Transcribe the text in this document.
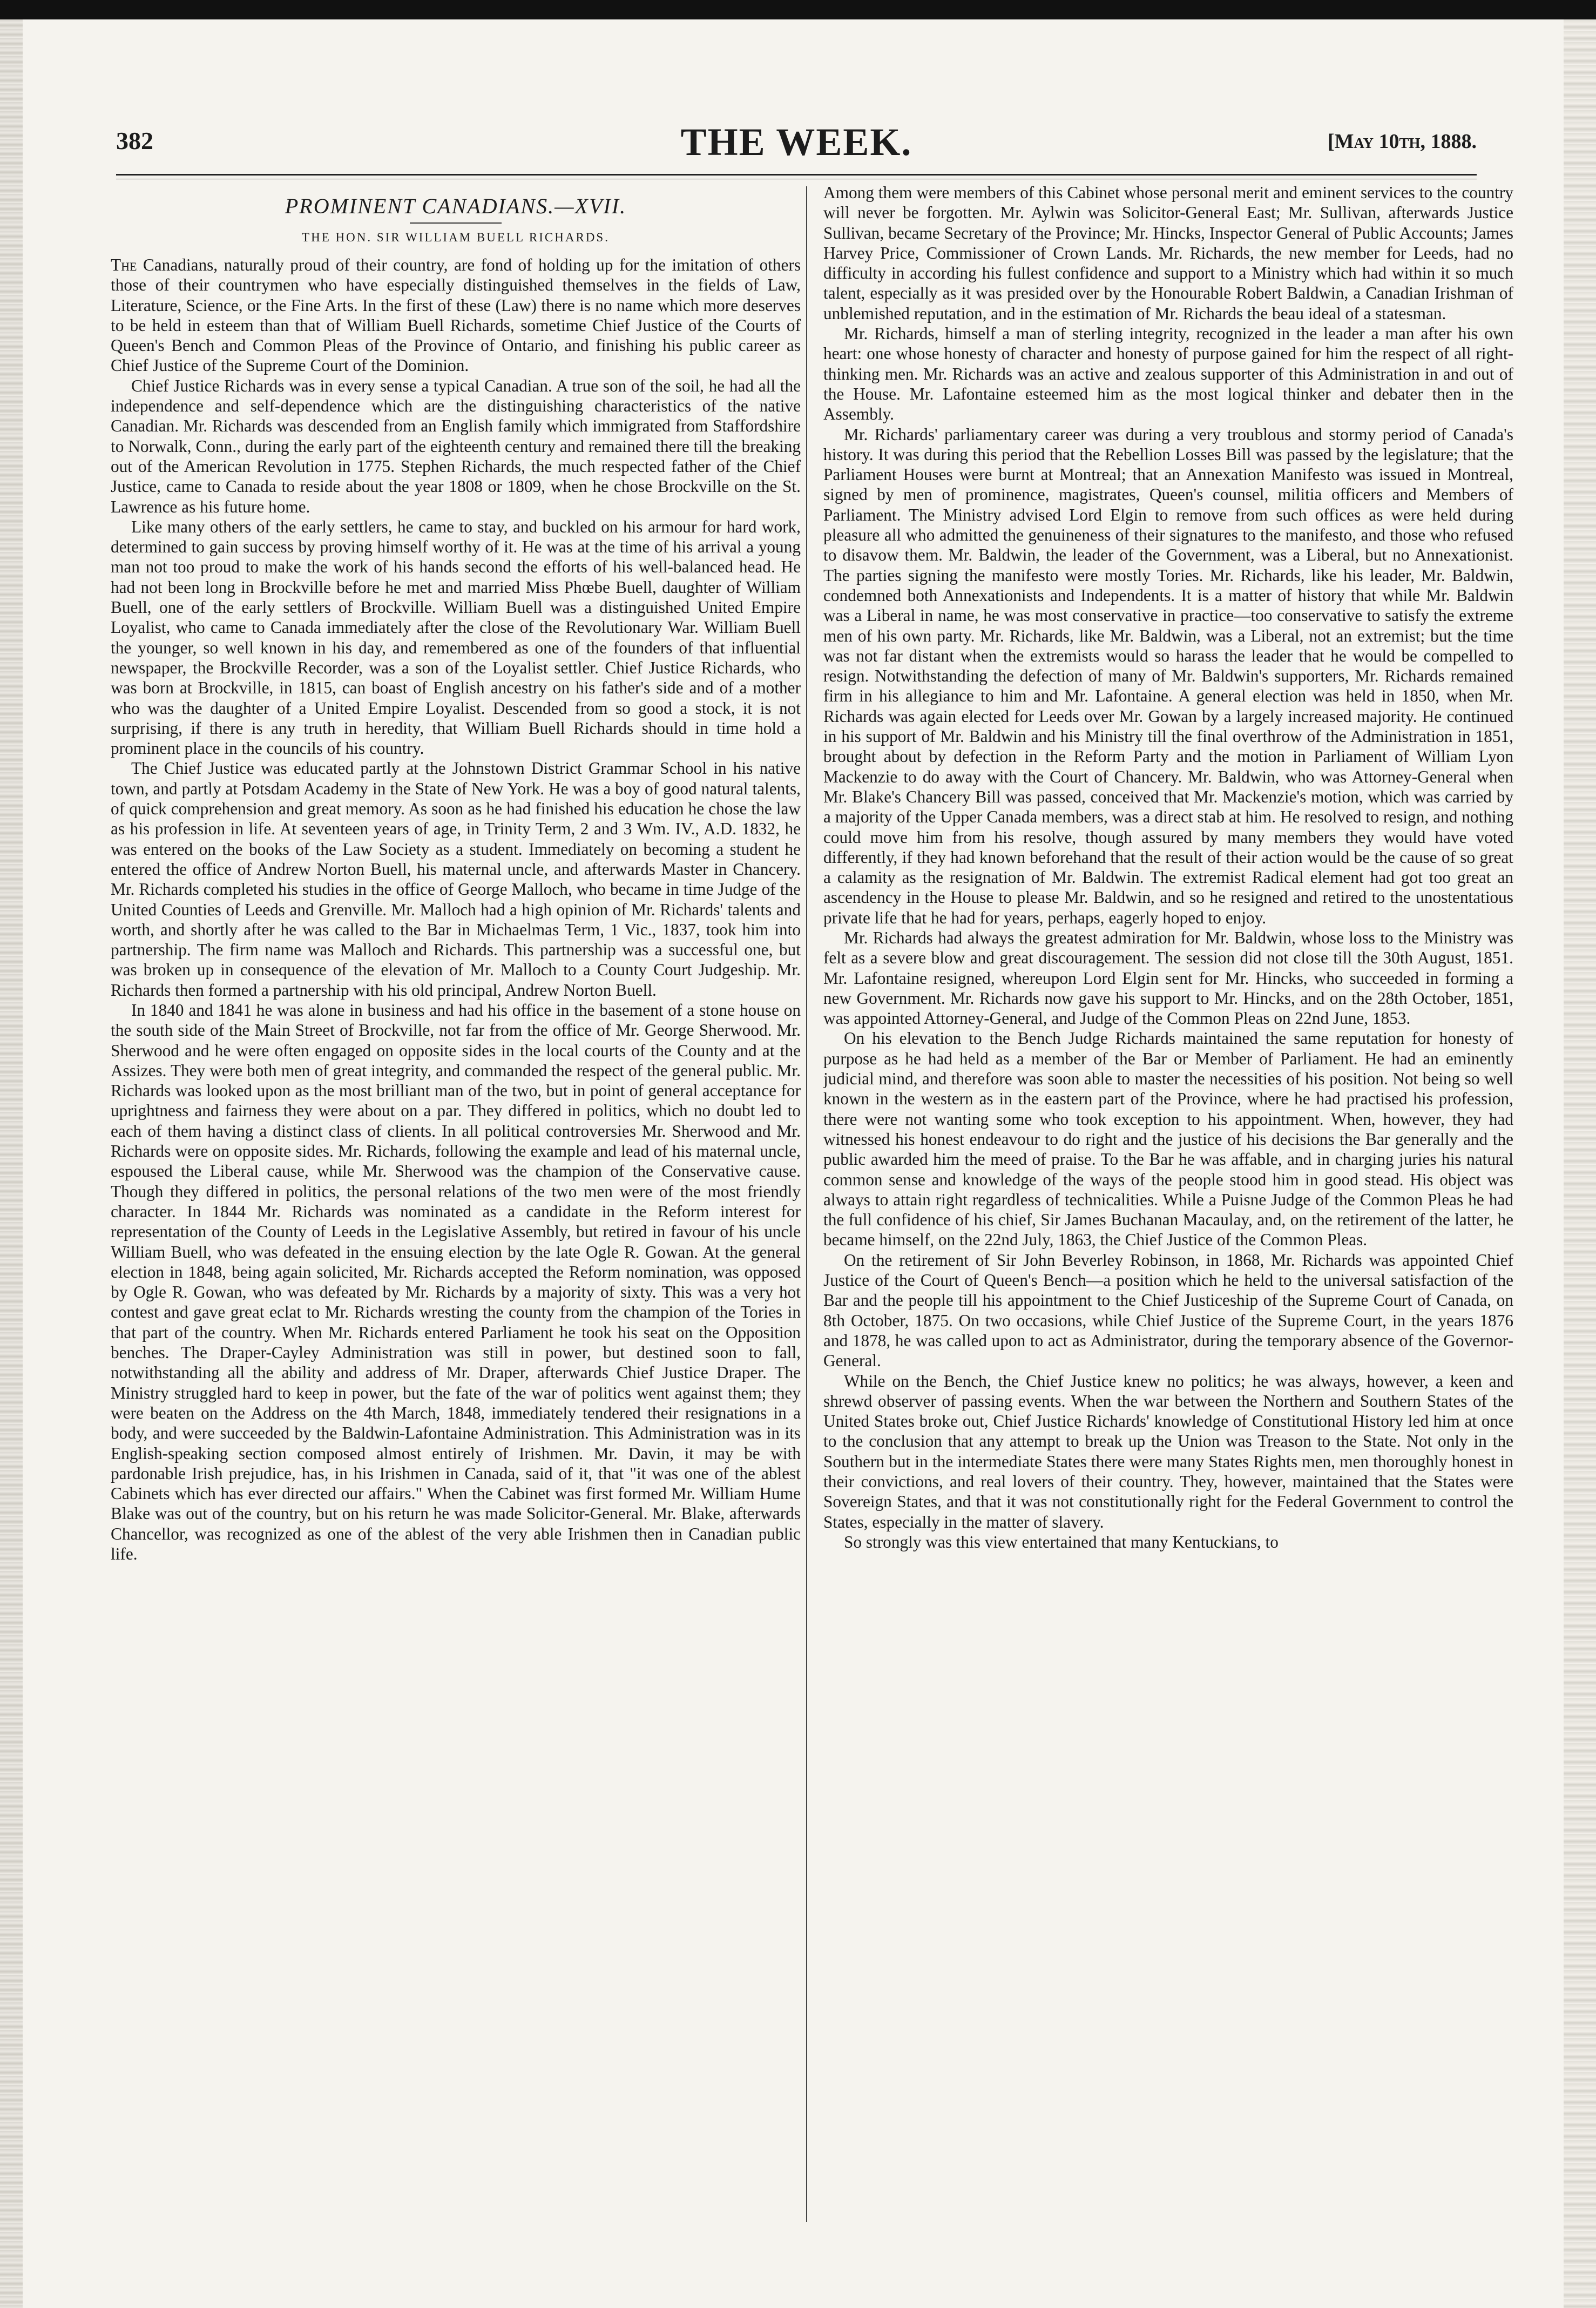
382	THE WEEK.	[May 10th, 1888.
PROMINENT CANADIANS.—XVII.
THE HON. SIR WILLIAM BUELL RICHARDS.

The Canadians, naturally proud of their country, are fond of holding up for the imitation of others those of their countrymen who have especially distinguished themselves in the fields of Law, Literature, Science, or the Fine Arts. In the first of these (Law) there is no name which more deserves to be held in esteem than that of William Buell Richards, sometime Chief Justice of the Courts of Queen's Bench and Common Pleas of the Province of Ontario, and finishing his public career as Chief Justice of the Supreme Court of the Dominion.

Chief Justice Richards was in every sense a typical Canadian. A true son of the soil, he had all the independence and self-dependence which are the distinguishing characteristics of the native Canadian. Mr. Richards was descended from an English family which immigrated from Staffordshire to Norwalk, Conn., during the early part of the eighteenth century and remained there till the breaking out of the American Revolution in 1775. Stephen Richards, the much respected father of the Chief Justice, came to Canada to reside about the year 1808 or 1809, when he chose Brockville on the St. Lawrence as his future home.

Like many others of the early settlers, he came to stay, and buckled on his armour for hard work, determined to gain success by proving himself worthy of it. He was at the time of his arrival a young man not too proud to make the work of his hands second the efforts of his well-balanced head. He had not been long in Brockville before he met and married Miss Phœbe Buell, daughter of William Buell, one of the early settlers of Brockville. William Buell was a distinguished United Empire Loyalist, who came to Canada immediately after the close of the Revolutionary War. William Buell the younger, so well known in his day, and remembered as one of the founders of that influential newspaper, the Brockville Recorder, was a son of the Loyalist settler. Chief Justice Richards, who was born at Brockville, in 1815, can boast of English ancestry on his father's side and of a mother who was the daughter of a United Empire Loyalist. Descended from so good a stock, it is not surprising, if there is any truth in heredity, that William Buell Richards should in time hold a prominent place in the councils of his country.

The Chief Justice was educated partly at the Johnstown District Grammar School in his native town, and partly at Potsdam Academy in the State of New York. He was a boy of good natural talents, of quick comprehension and great memory. As soon as he had finished his education he chose the law as his profession in life. At seventeen years of age, in Trinity Term, 2 and 3 Wm. IV., A.D. 1832, he was entered on the books of the Law Society as a student. Immediately on becoming a student he entered the office of Andrew Norton Buell, his maternal uncle, and afterwards Master in Chancery. Mr. Richards completed his studies in the office of George Malloch, who became in time Judge of the United Counties of Leeds and Grenville. Mr. Malloch had a high opinion of Mr. Richards' talents and worth, and shortly after he was called to the Bar in Michaelmas Term, 1 Vic., 1837, took him into partnership. The firm name was Malloch and Richards. This partnership was a successful one, but was broken up in consequence of the elevation of Mr. Malloch to a County Court Judgeship. Mr. Richards then formed a partnership with his old principal, Andrew Norton Buell.

In 1840 and 1841 he was alone in business and had his office in the basement of a stone house on the south side of the Main Street of Brockville, not far from the office of Mr. George Sherwood. Mr. Sherwood and he were often engaged on opposite sides in the local courts of the County and at the Assizes. They were both men of great integrity, and commanded the respect of the general public. Mr. Richards was looked upon as the most brilliant man of the two, but in point of general acceptance for uprightness and fairness they were about on a par. They differed in politics, which no doubt led to each of them having a distinct class of clients. In all political controversies Mr. Sherwood and Mr. Richards were on opposite sides. Mr. Richards, following the example and lead of his maternal uncle, espoused the Liberal cause, while Mr. Sherwood was the champion of the Conservative cause. Though they differed in politics, the personal relations of the two men were of the most friendly character. In 1844 Mr. Richards was nominated as a candidate in the Reform interest for representation of the County of Leeds in the Legislative Assembly, but retired in favour of his uncle William Buell, who was defeated in the ensuing election by the late Ogle R. Gowan. At the general election in 1848, being again solicited, Mr. Richards accepted the Reform nomination, was opposed by Ogle R. Gowan, who was defeated by Mr. Richards by a majority of sixty. This was a very hot contest and gave great eclat to Mr. Richards wresting the county from the champion of the Tories in that part of the country. When Mr. Richards entered Parliament he took his seat on the Opposition benches. The Draper-Cayley Administration was still in power, but destined soon to fall, notwithstanding all the ability and address of Mr. Draper, afterwards Chief Justice Draper. The Ministry struggled hard to keep in power, but the fate of the war of politics went against them; they were beaten on the Address on the 4th March, 1848, immediately tendered their resignations in a body, and were succeeded by the Baldwin-Lafontaine Administration. This Administration was in its English-speaking section composed almost entirely of Irishmen. Mr. Davin, it may be with pardonable Irish prejudice, has, in his Irishmen in Canada, said of it, that "it was one of the ablest Cabinets which has ever directed our affairs." When the Cabinet was first formed Mr. William Hume Blake was out of the country, but on his return he was made Solicitor-General. Mr. Blake, afterwards Chancellor, was recognized as one of the ablest of the very able Irishmen then in Canadian public life.

Among them were members of this Cabinet whose personal merit and eminent services to the country will never be forgotten. Mr. Aylwin was Solicitor-General East; Mr. Sullivan, afterwards Justice Sullivan, became Secretary of the Province; Mr. Hincks, Inspector General of Public Accounts; James Harvey Price, Commissioner of Crown Lands. Mr. Richards, the new member for Leeds, had no difficulty in according his fullest confidence and support to a Ministry which had within it so much talent, especially as it was presided over by the Honourable Robert Baldwin, a Canadian Irishman of unblemished reputation, and in the estimation of Mr. Richards the beau ideal of a statesman.

Mr. Richards, himself a man of sterling integrity, recognized in the leader a man after his own heart: one whose honesty of character and honesty of purpose gained for him the respect of all right-thinking men. Mr. Richards was an active and zealous supporter of this Administration in and out of the House. Mr. Lafontaine esteemed him as the most logical thinker and debater then in the Assembly.

Mr. Richards' parliamentary career was during a very troublous and stormy period of Canada's history. It was during this period that the Rebellion Losses Bill was passed by the legislature; that the Parliament Houses were burnt at Montreal; that an Annexation Manifesto was issued in Montreal, signed by men of prominence, magistrates, Queen's counsel, militia officers and Members of Parliament. The Ministry advised Lord Elgin to remove from such offices as were held during pleasure all who admitted the genuineness of their signatures to the manifesto, and those who refused to disavow them. Mr. Baldwin, the leader of the Government, was a Liberal, but no Annexationist. The parties signing the manifesto were mostly Tories. Mr. Richards, like his leader, Mr. Baldwin, condemned both Annexationists and Independents. It is a matter of history that while Mr. Baldwin was a Liberal in name, he was most conservative in practice—too conservative to satisfy the extreme men of his own party. Mr. Richards, like Mr. Baldwin, was a Liberal, not an extremist; but the time was not far distant when the extremists would so harass the leader that he would be compelled to resign. Notwithstanding the defection of many of Mr. Baldwin's supporters, Mr. Richards remained firm in his allegiance to him and Mr. Lafontaine. A general election was held in 1850, when Mr. Richards was again elected for Leeds over Mr. Gowan by a largely increased majority. He continued in his support of Mr. Baldwin and his Ministry till the final overthrow of the Administration in 1851, brought about by defection in the Reform Party and the motion in Parliament of William Lyon Mackenzie to do away with the Court of Chancery. Mr. Baldwin, who was Attorney-General when Mr. Blake's Chancery Bill was passed, conceived that Mr. Mackenzie's motion, which was carried by a majority of the Upper Canada members, was a direct stab at him. He resolved to resign, and nothing could move him from his resolve, though assured by many members they would have voted differently, if they had known beforehand that the result of their action would be the cause of so great a calamity as the resignation of Mr. Baldwin. The extremist Radical element had got too great an ascendency in the House to please Mr. Baldwin, and so he resigned and retired to the unostentatious private life that he had for years, perhaps, eagerly hoped to enjoy.

Mr. Richards had always the greatest admiration for Mr. Baldwin, whose loss to the Ministry was felt as a severe blow and great discouragement. The session did not close till the 30th August, 1851. Mr. Lafontaine resigned, whereupon Lord Elgin sent for Mr. Hincks, who succeeded in forming a new Government. Mr. Richards now gave his support to Mr. Hincks, and on the 28th October, 1851, was appointed Attorney-General, and Judge of the Common Pleas on 22nd June, 1853.

On his elevation to the Bench Judge Richards maintained the same reputation for honesty of purpose as he had held as a member of the Bar or Member of Parliament. He had an eminently judicial mind, and therefore was soon able to master the necessities of his position. Not being so well known in the western as in the eastern part of the Province, where he had practised his profession, there were not wanting some who took exception to his appointment. When, however, they had witnessed his honest endeavour to do right and the justice of his decisions the Bar generally and the public awarded him the meed of praise. To the Bar he was affable, and in charging juries his natural common sense and knowledge of the ways of the people stood him in good stead. His object was always to attain right regardless of technicalities. While a Puisne Judge of the Common Pleas he had the full confidence of his chief, Sir James Buchanan Macaulay, and, on the retirement of the latter, he became himself, on the 22nd July, 1863, the Chief Justice of the Common Pleas.

On the retirement of Sir John Beverley Robinson, in 1868, Mr. Richards was appointed Chief Justice of the Court of Queen's Bench—a position which he held to the universal satisfaction of the Bar and the people till his appointment to the Chief Justiceship of the Supreme Court of Canada, on 8th October, 1875. On two occasions, while Chief Justice of the Supreme Court, in the years 1876 and 1878, he was called upon to act as Administrator, during the temporary absence of the Governor-General.

While on the Bench, the Chief Justice knew no politics; he was always, however, a keen and shrewd observer of passing events. When the war between the Northern and Southern States of the United States broke out, Chief Justice Richards' knowledge of Constitutional History led him at once to the conclusion that any attempt to break up the Union was Treason to the State. Not only in the Southern but in the intermediate States there were many States Rights men, men thoroughly honest in their convictions, and real lovers of their country. They, however, maintained that the States were Sovereign States, and that it was not constitutionally right for the Federal Government to control the States, especially in the matter of slavery.

So strongly was this view entertained that many Kentuckians, to
